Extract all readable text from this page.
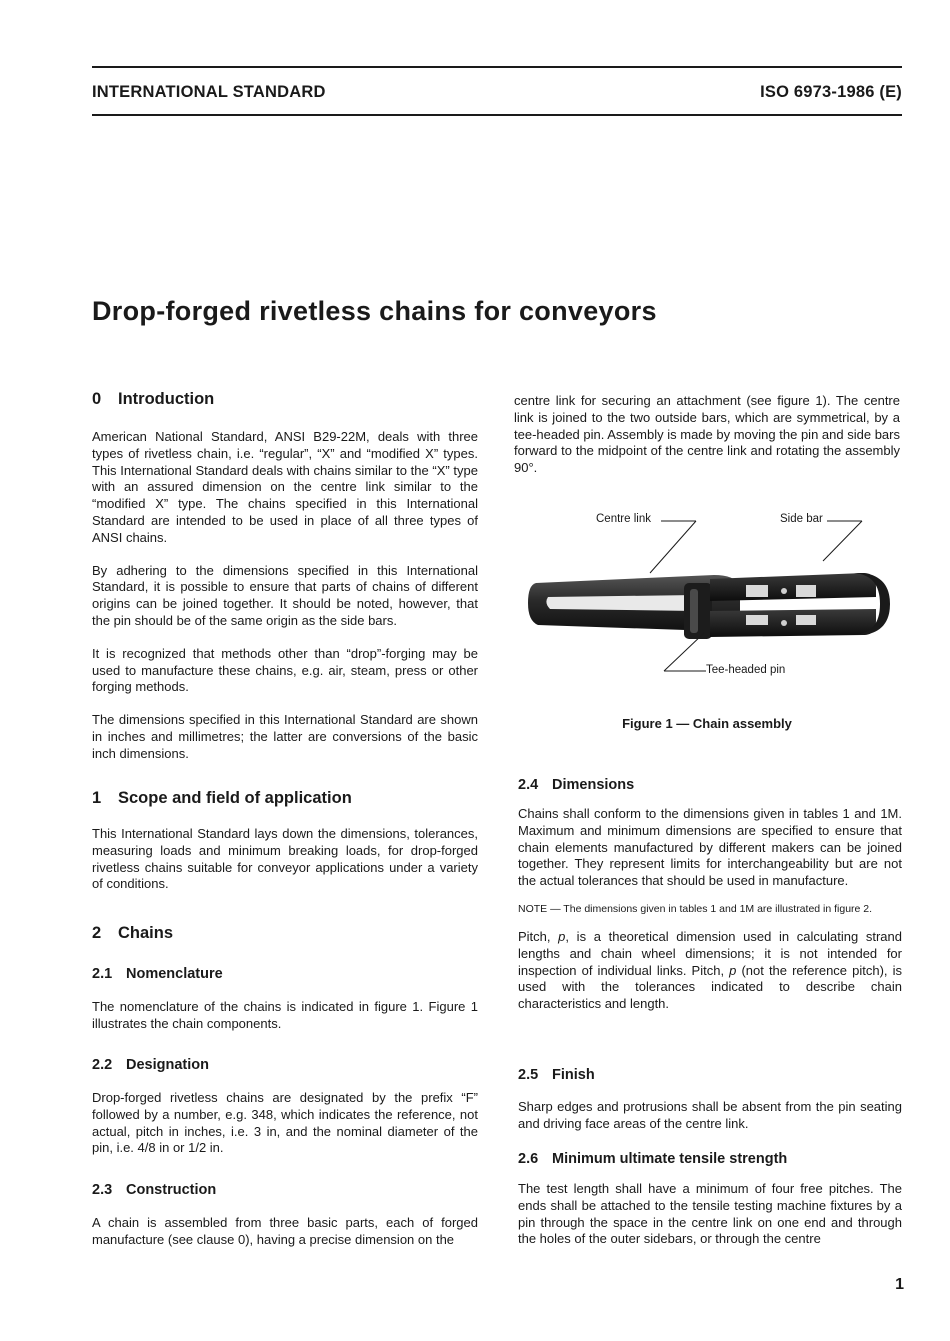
INTERNATIONAL STANDARD	ISO 6973-1986 (E)
Drop-forged rivetless chains for conveyors
0 Introduction

American National Standard, ANSI B29-22M, deals with three types of rivetless chain, i.e. “regular”, “X” and “modified X” types. This International Standard deals with chains similar to the “X” type with an assured dimension on the centre link similar to the “modified X” type. The chains specified in this International Standard are intended to be used in place of all three types of ANSI chains.

By adhering to the dimensions specified in this International Standard, it is possible to ensure that parts of chains of different origins can be joined together. It should be noted, however, that the pin should be of the same origin as the side bars.

It is recognized that methods other than “drop”-forging may be used to manufacture these chains, e.g. air, steam, press or other forging methods.

The dimensions specified in this International Standard are shown in inches and millimetres; the latter are conversions of the basic inch dimensions.

1 Scope and field of application

This International Standard lays down the dimensions, tolerances, measuring loads and minimum breaking loads, for drop-forged rivetless chains suitable for conveyor applications under a variety of conditions.

2 Chains
2.1 Nomenclature

The nomenclature of the chains is indicated in figure 1. Figure 1 illustrates the chain components.

2.2 Designation

Drop-forged rivetless chains are designated by the prefix “F” followed by a number, e.g. 348, which indicates the reference, not actual, pitch in inches, i.e. 3 in, and the nominal diameter of the pin, i.e. 4/8 in or 1/2 in.

2.3 Construction

A chain is assembled from three basic parts, each of forged manufacture (see clause 0), having a precise dimension on the

centre link for securing an attachment (see figure 1). The centre link is joined to the two outside bars, which are symmetrical, by a tee-headed pin. Assembly is made by moving the pin and side bars forward to the midpoint of the centre link and rotating the assembly 90°.

Centre link	Side bar
Tee-headed pin
Figure 1 — Chain assembly
2.4 Dimensions

Chains shall conform to the dimensions given in tables 1 and 1M. Maximum and minimum dimensions are specified to ensure that chain elements manufactured by different makers can be joined together. They represent limits for interchangeability but are not the actual tolerances that should be used in manufacture.

NOTE — The dimensions given in tables 1 and 1M are illustrated in figure 2.

Pitch, p, is a theoretical dimension used in calculating strand lengths and chain wheel dimensions; it is not intended for inspection of individual links. Pitch, p (not the reference pitch), is used with the tolerances indicated to describe chain characteristics and length.

2.5 Finish

Sharp edges and protrusions shall be absent from the pin seating and driving face areas of the centre link.

2.6 Minimum ultimate tensile strength

The test length shall have a minimum of four free pitches. The ends shall be attached to the tensile testing machine fixtures by a pin through the space in the centre link on one end and through the holes of the outer sidebars, or through the centre

1
